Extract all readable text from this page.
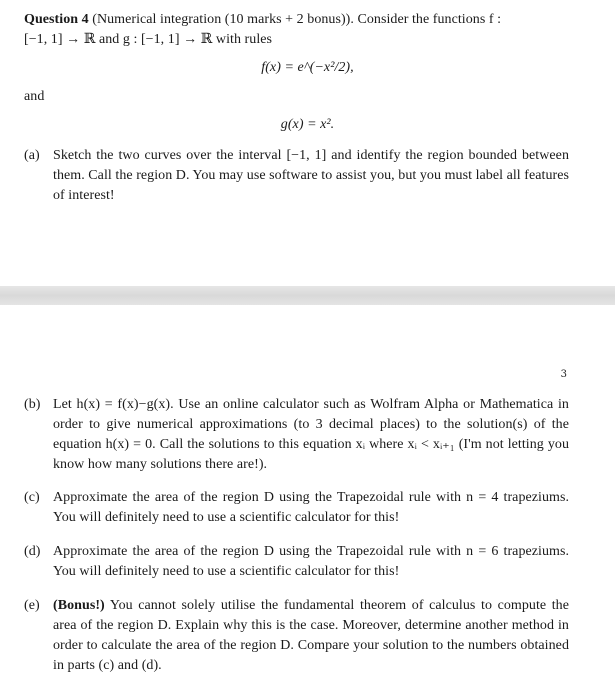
Question 4 (Numerical integration (10 marks + 2 bonus)). Consider the functions f :
[−1, 1] → ℝ and g : [−1, 1] → ℝ with rules
f(x) = e^(−x²/2),
and
g(x) = x².
(a) Sketch the two curves over the interval [−1, 1] and identify the region bounded between them. Call the region D. You may use software to assist you, but you must label all features of interest!
3
(b) Let h(x) = f(x)−g(x). Use an online calculator such as Wolfram Alpha or Mathematica in order to give numerical approximations (to 3 decimal places) to the solution(s) of the equation h(x) = 0. Call the solutions to this equation xᵢ where xᵢ < xᵢ₊₁ (I'm not letting you know how many solutions there are!).
(c) Approximate the area of the region D using the Trapezoidal rule with n = 4 trapeziums. You will definitely need to use a scientific calculator for this!
(d) Approximate the area of the region D using the Trapezoidal rule with n = 6 trapeziums. You will definitely need to use a scientific calculator for this!
(e) (Bonus!) You cannot solely utilise the fundamental theorem of calculus to compute the area of the region D. Explain why this is the case. Moreover, determine another method in order to calculate the area of the region D. Compare your solution to the numbers obtained in parts (c) and (d).
